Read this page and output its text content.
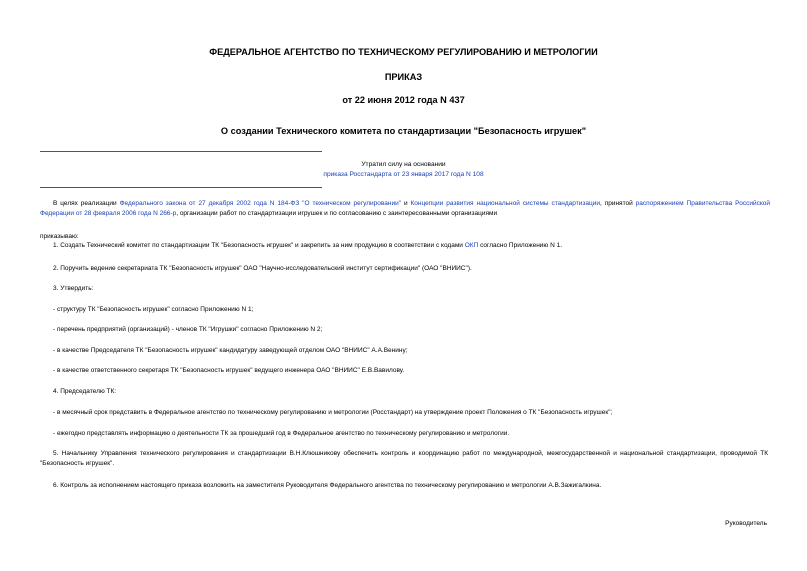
ФЕДЕРАЛЬНОЕ АГЕНТСТВО ПО ТЕХНИЧЕСКОМУ РЕГУЛИРОВАНИЮ И МЕТРОЛОГИИ
ПРИКАЗ
от 22 июня 2012 года N 437
О создании Технического комитета по стандартизации "Безопасность игрушек"
Утратил силу на основании
приказа Росстандарта от 23 января 2017 года N 108
В целях реализации Федерального закона от 27 декабря 2002 года N 184-ФЗ "О техническом регулировании" и Концепции развития национальной системы стандартизации, принятой распоряжением Правительства Российской Федерации от 28 февраля 2006 года N 266-р, организации работ по стандартизации игрушек и по согласованию с заинтересованными организациями
приказываю:
1. Создать Технический комитет по стандартизации ТК "Безопасность игрушек" и закрепить за ним продукцию в соответствии с кодами ОКП согласно Приложению N 1.
2. Поручить ведение секретариата ТК "Безопасность игрушек" ОАО "Научно-исследовательский институт сертификации" (ОАО "ВНИИС").
3. Утвердить:
- структуру ТК "Безопасность игрушек" согласно Приложению N 1;
- перечень предприятий (организаций) - членов ТК "Игрушки" согласно Приложению N 2;
- в качестве Председателя ТК "Безопасность игрушек" кандидатуру заведующей отделом ОАО "ВНИИС" А.А.Венину;
- в качестве ответственного секретаря ТК "Безопасность игрушек" ведущего инженера ОАО "ВНИИС" Е.В.Вавилову.
4. Председателю ТК:
- в месячный срок представить в Федеральное агентство по техническому регулированию и метрологии (Росстандарт) на утверждение проект Положения о ТК "Безопасность игрушек";
- ежегодно представлять информацию о деятельности ТК за прошедший год в Федеральное агентство по техническому регулированию и метрологии.
5. Начальнику Управления технического регулирования и стандартизации В.Н.Клюшникову обеспечить контроль и координацию работ по международной, межгосударственной и национальной стандартизации, проводимой ТК "Безопасность игрушек".
6. Контроль за исполнением настоящего приказа возложить на заместителя Руководителя Федерального агентства по техническому регулированию и метрологии А.В.Зажигалкина.
Руководитель
